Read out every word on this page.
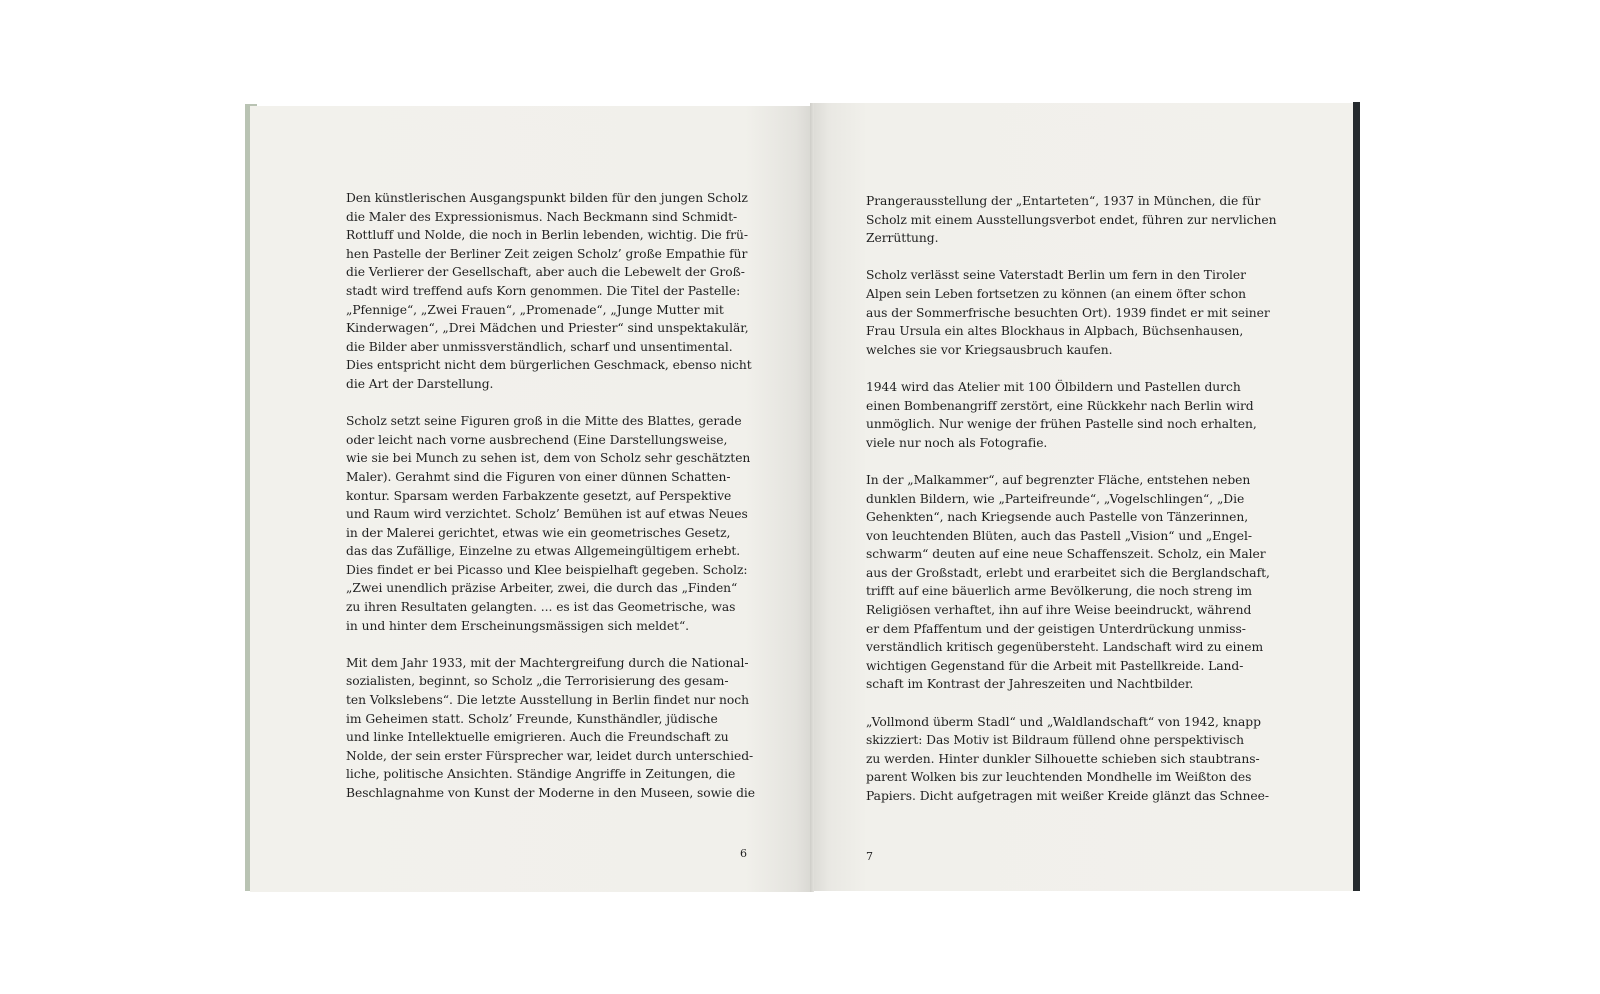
Den künstlerischen Ausgangspunkt bilden für den jungen Scholz
die Maler des Expressionismus. Nach Beckmann sind Schmidt-
Rottluff und Nolde, die noch in Berlin lebenden, wichtig. Die frü-
hen Pastelle der Berliner Zeit zeigen Scholz’ große Empathie für
die Verlierer der Gesellschaft, aber auch die Lebewelt der Groß-
stadt wird treffend aufs Korn genommen. Die Titel der Pastelle:
„Pfennige“, „Zwei Frauen“, „Promenade“, „Junge Mutter mit
Kinderwagen“, „Drei Mädchen und Priester“ sind unspektakulär,
die Bilder aber unmissverständlich, scharf und unsentimental.
Dies entspricht nicht dem bürgerlichen Geschmack, ebenso nicht
die Art der Darstellung.

Scholz setzt seine Figuren groß in die Mitte des Blattes, gerade
oder leicht nach vorne ausbrechend (Eine Darstellungsweise,
wie sie bei Munch zu sehen ist, dem von Scholz sehr geschätzten
Maler). Gerahmt sind die Figuren von einer dünnen Schatten-
kontur. Sparsam werden Farbakzente gesetzt, auf Perspektive
und Raum wird verzichtet. Scholz’ Bemühen ist auf etwas Neues
in der Malerei gerichtet, etwas wie ein geometrisches Gesetz,
das das Zufällige, Einzelne zu etwas Allgemeingültigem erhebt.
Dies findet er bei Picasso und Klee beispielhaft gegeben. Scholz:
„Zwei unendlich präzise Arbeiter, zwei, die durch das „Finden“
zu ihren Resultaten gelangten. ... es ist das Geometrische, was
in und hinter dem Erscheinungsmässigen sich meldet“.

Mit dem Jahr 1933, mit der Machtergreifung durch die National-
sozialisten, beginnt, so Scholz „die Terrorisierung des gesam-
ten Volkslebens“. Die letzte Ausstellung in Berlin findet nur noch
im Geheimen statt. Scholz’ Freunde, Kunsthändler, jüdische
und linke Intellektuelle emigrieren. Auch die Freundschaft zu
Nolde, der sein erster Fürsprecher war, leidet durch unterschied-
liche, politische Ansichten. Ständige Angriffe in Zeitungen, die
Beschlagnahme von Kunst der Moderne in den Museen, sowie die

Prangerausstellung der „Entarteten“, 1937 in München, die für
Scholz mit einem Ausstellungsverbot endet, führen zur nervlichen
Zerrüttung.

Scholz verlässt seine Vaterstadt Berlin um fern in den Tiroler
Alpen sein Leben fortsetzen zu können (an einem öfter schon
aus der Sommerfrische besuchten Ort). 1939 findet er mit seiner
Frau Ursula ein altes Blockhaus in Alpbach, Büchsenhausen,
welches sie vor Kriegsausbruch kaufen.

1944 wird das Atelier mit 100 Ölbildern und Pastellen durch
einen Bombenangriff zerstört, eine Rückkehr nach Berlin wird
unmöglich. Nur wenige der frühen Pastelle sind noch erhalten,
viele nur noch als Fotografie.

In der „Malkammer“, auf begrenzter Fläche, entstehen neben
dunklen Bildern, wie „Parteifreunde“, „Vogelschlingen“, „Die
Gehenkten“, nach Kriegsende auch Pastelle von Tänzerinnen,
von leuchtenden Blüten, auch das Pastell „Vision“ und „Engel-
schwarm“ deuten auf eine neue Schaffenszeit. Scholz, ein Maler
aus der Großstadt, erlebt und erarbeitet sich die Berglandschaft,
trifft auf eine bäuerlich arme Bevölkerung, die noch streng im
Religiösen verhaftet, ihn auf ihre Weise beeindruckt, während
er dem Pfaffentum und der geistigen Unterdrückung unmiss-
verständlich kritisch gegenübersteht. Landschaft wird zu einem
wichtigen Gegenstand für die Arbeit mit Pastellkreide. Land-
schaft im Kontrast der Jahreszeiten und Nachtbilder.

„Vollmond überm Stadl“ und „Waldlandschaft“ von 1942, knapp
skizziert: Das Motiv ist Bildraum füllend ohne perspektivisch
zu werden. Hinter dunkler Silhouette schieben sich staubtrans-
parent Wolken bis zur leuchtenden Mondhelle im Weißton des
Papiers. Dicht aufgetragen mit weißer Kreide glänzt das Schnee-

6	7
